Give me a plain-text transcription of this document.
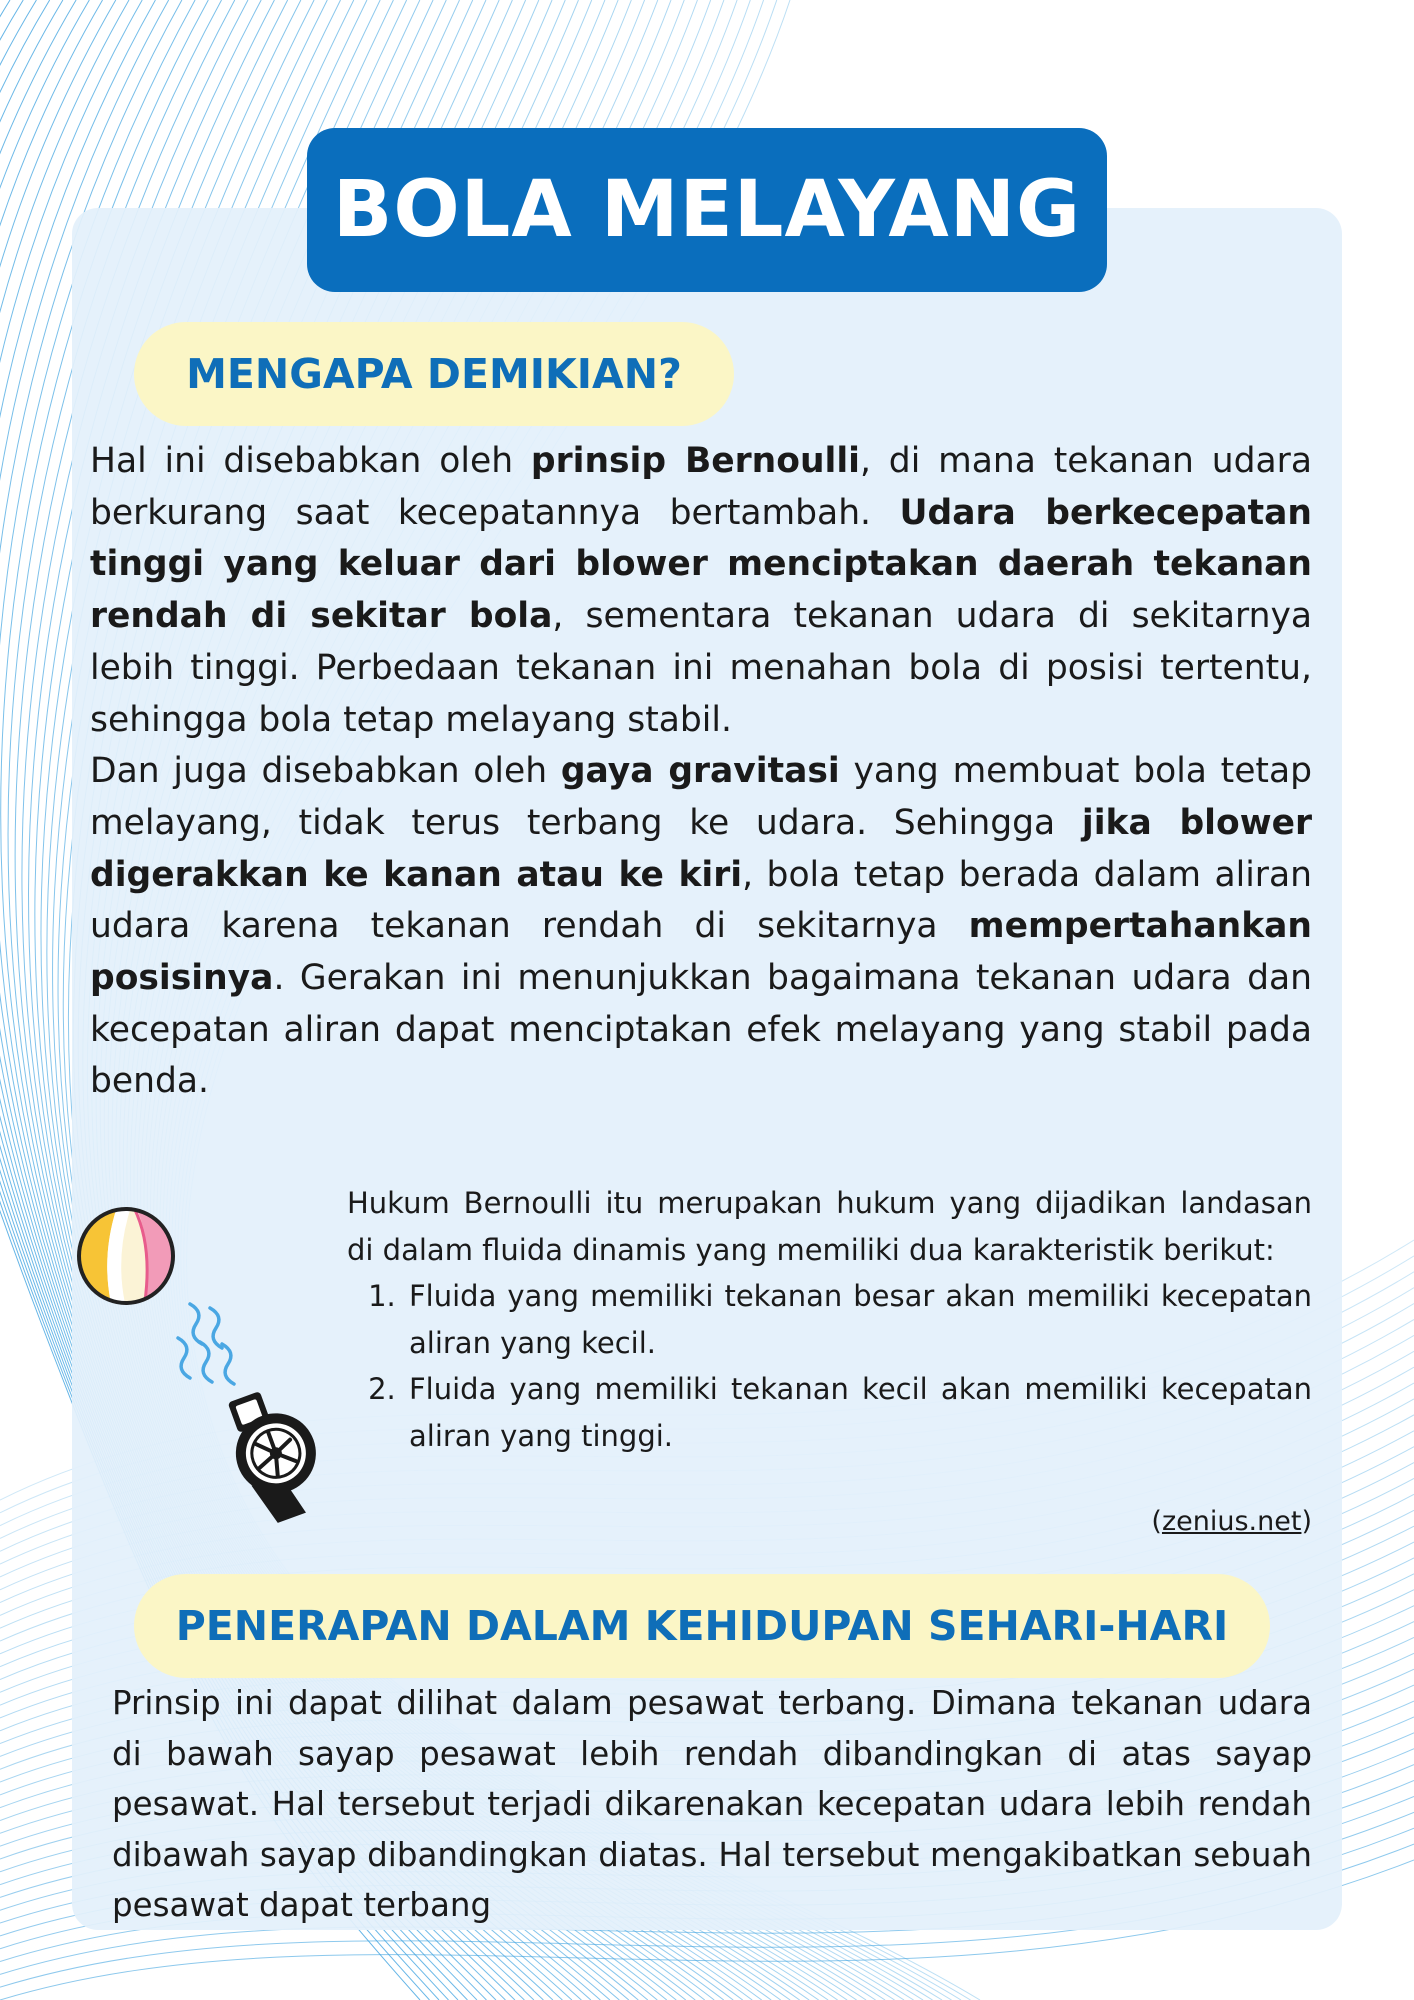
BOLA MELAYANG
MENGAPA DEMIKIAN?

Hal ini disebabkan oleh prinsip Bernoulli, di mana tekanan udara berkurang saat kecepatannya bertambah. Udara berkecepatan tinggi yang keluar dari blower menciptakan daerah tekanan rendah di sekitar bola, sementara tekanan udara di sekitarnya lebih tinggi. Perbedaan tekanan ini menahan bola di posisi tertentu, sehingga bola tetap melayang stabil.

Dan juga disebabkan oleh gaya gravitasi yang membuat bola tetap melayang, tidak terus terbang ke udara. Sehingga jika blower digerakkan ke kanan atau ke kiri, bola tetap berada dalam aliran udara karena tekanan rendah di sekitarnya mempertahankan posisinya. Gerakan ini menunjukkan bagaimana tekanan udara dan kecepatan aliran dapat menciptakan efek melayang yang stabil pada benda.

Hukum Bernoulli itu merupakan hukum yang dijadikan landasan di dalam fluida dinamis yang memiliki dua karakteristik berikut:

1. Fluida yang memiliki tekanan besar akan memiliki kecepatan aliran yang kecil.
2. Fluida yang memiliki tekanan kecil akan memiliki kecepatan aliran yang tinggi.
(zenius.net)
PENERAPAN DALAM KEHIDUPAN SEHARI-HARI

Prinsip ini dapat dilihat dalam pesawat terbang. Dimana tekanan udara di bawah sayap pesawat lebih rendah dibandingkan di atas sayap pesawat. Hal tersebut terjadi dikarenakan kecepatan udara lebih rendah dibawah sayap dibandingkan diatas. Hal tersebut mengakibatkan sebuah pesawat dapat terbang
